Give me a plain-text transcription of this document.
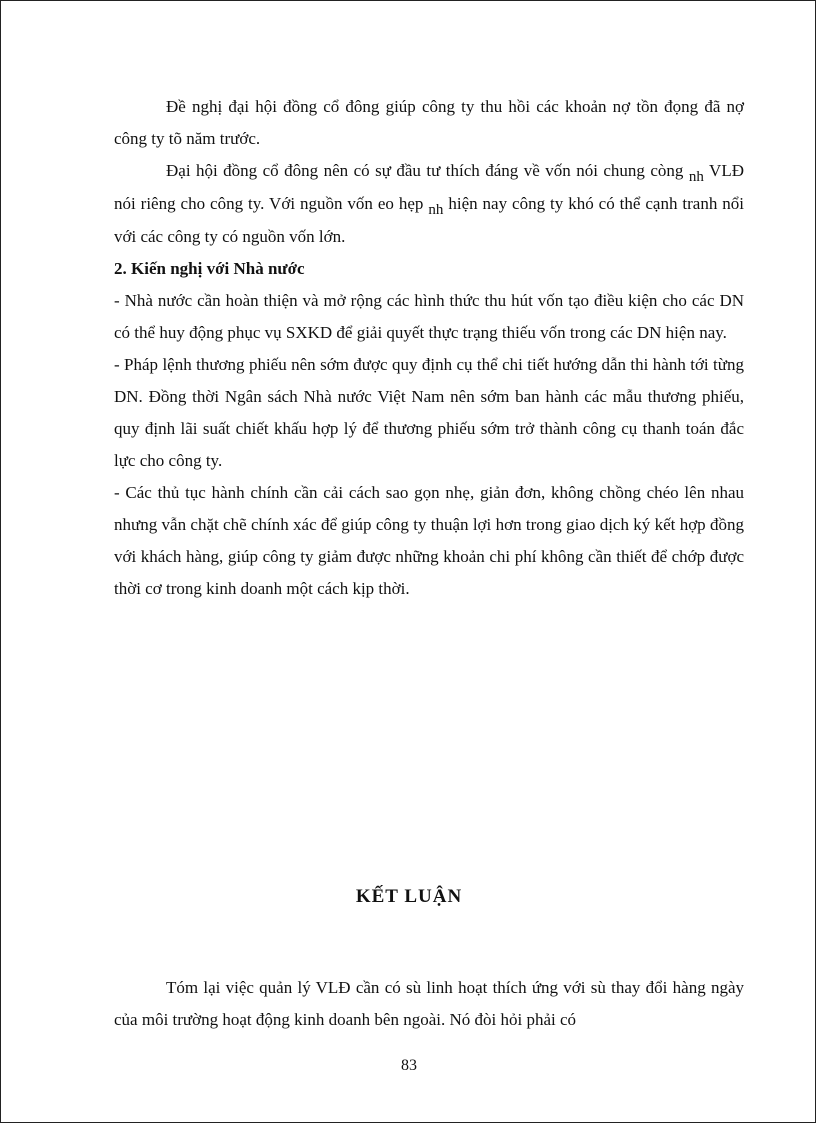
Đề nghị đại hội đồng cổ đông giúp công ty thu hồi các khoản nợ tồn đọng đã nợ công ty tõ năm trước.

Đại hội đồng cổ đông nên có sự đầu tư thích đáng về vốn nói chung còng nh VLĐ nói riêng cho công ty. Với nguồn vốn eo hẹp nh hiện nay công ty khó có thể cạnh tranh nổi với các công ty có nguồn vốn lớn.

2. Kiến nghị với Nhà nước

- Nhà nước cần hoàn thiện và mở rộng các hình thức thu hút vốn tạo điều kiện cho các DN có thể huy động phục vụ SXKD để giải quyết thực trạng thiếu vốn trong các DN hiện nay.

- Pháp lệnh thương phiếu nên sớm được quy định cụ thể chi tiết hướng dẫn thi hành tới từng DN. Đồng thời Ngân sách Nhà nước Việt Nam nên sớm ban hành các mẫu thương phiếu, quy định lãi suất chiết khấu hợp lý để thương phiếu sớm trở thành công cụ thanh toán đắc lực cho công ty.

- Các thủ tục hành chính cần cải cách sao gọn nhẹ, giản đơn, không chồng chéo lên nhau nhưng vẫn chặt chẽ chính xác để giúp công ty thuận lợi hơn trong giao dịch ký kết hợp đồng với khách hàng, giúp công ty giảm được những khoản chi phí không cần thiết để chớp được thời cơ trong kinh doanh một cách kịp thời.

KẾT LUẬN

Tóm lại việc quản lý VLĐ cần có sù linh hoạt thích ứng với sù thay đổi hàng ngày của môi trường hoạt động kinh doanh bên ngoài. Nó đòi hỏi phải có

83
